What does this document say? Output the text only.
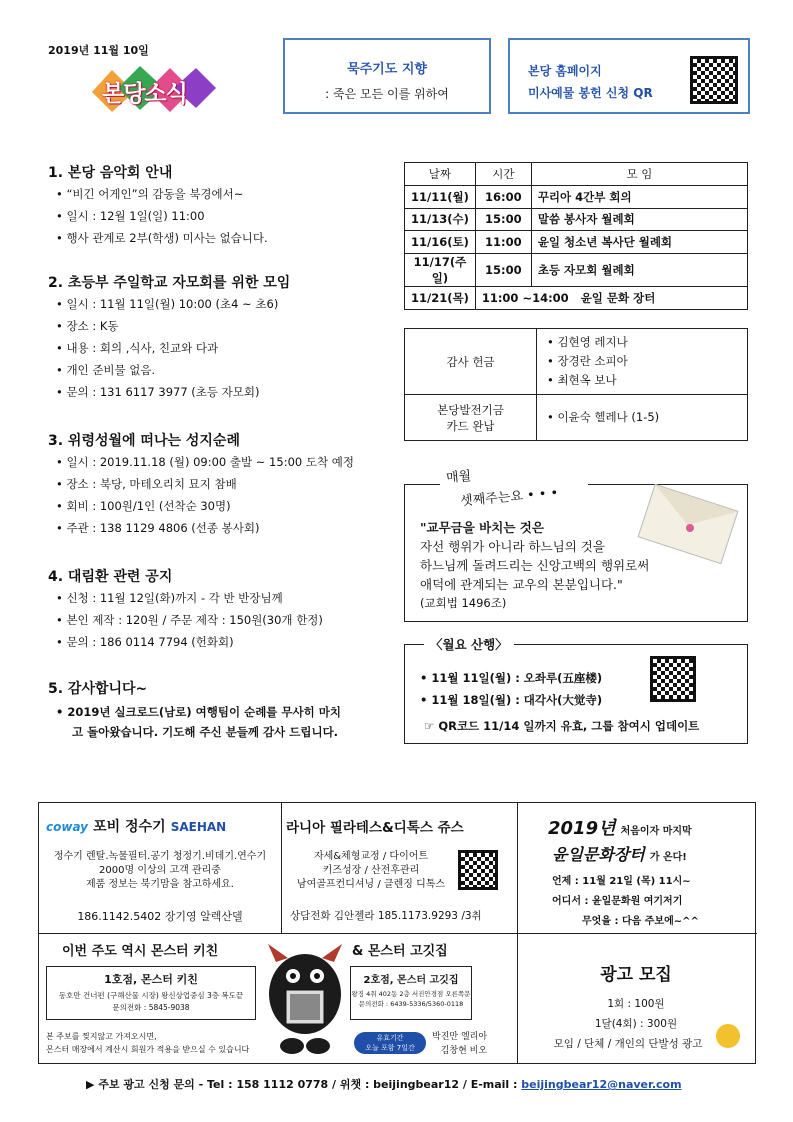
2019년 11월 10일
본당소식
묵주기도 지향
: 죽은 모든 이를 위하여
본당 홈페이지
미사예물 봉헌 신청 QR
1. 본당 음악회 안내
• “비긴 어게인”의 감동을 북경에서~
• 일시 : 12월 1일(일) 11:00
• 행사 관계로 2부(학생) 미사는 없습니다.
2. 초등부 주일학교 자모회를 위한 모임
• 일시 : 11월 11일(월) 10:00 (초4 ~ 초6)
• 장소 : K동
• 내용 : 회의 ,식사, 친교와 다과
• 개인 준비물 없음.
• 문의 : 131 6117 3977 (초등 자모회)
3. 위령성월에 떠나는 성지순례
• 일시 : 2019.11.18 (월) 09:00 출발 ~ 15:00 도착 예정
• 장소 : 북당, 마테오리치 묘지 참배
• 회비 : 100원/1인 (선착순 30명)
• 주관 : 138 1129 4806 (선종 봉사회)
4. 대림환 관련 공지
• 신청 : 11월 12일(화)까지 - 각 반 반장님께
• 본인 제작 : 120원 / 주문 제작 : 150원(30개 한정)
• 문의 : 186 0114 7794 (헌화회)
5. 감사합니다~
• 2019년 실크로드(남로) 여행팀이 순례를 무사히 마치
고 돌아왔습니다. 기도해 주신 분들께 감사 드립니다.
날짜	시간	모 임
11/11(월)	16:00	꾸리아 4간부 회의
11/13(수)	15:00	말씀 봉사자 월례회
11/16(토)	11:00	윤일 청소년 복사단 월례회
11/17(주일)	15:00	초등 자모회 월례회
11/21(목)	11:00 ~14:00 윤일 문화 장터	
감사 헌금	• 김현영 레지나
• 장경란 소피아
• 최현옥 보나

본당발전기금
카드 완납	• 이윤숙 헬레나 (1-5)
매월
셋째주는요 • • •
"교무금을 바치는 것은
자선 행위가 아니라 하느님의 것을
하느님께 돌려드리는 신앙고백의 행위로써
애덕에 관계되는 교우의 본분입니다."
(교회법 1496조)
〈월요 산행〉
• 11월 11일(월) : 오좌루(五座楼)
• 11월 18일(월) : 대각사(大觉寺)
☞ QR코드 11/14 일까지 유효, 그룹 참여시 업데이트
coway 포비 정수기 SAEHAN
정수기 렌탈.녹물필터.공기 청정기.비데기.연수기
2000명 이상의 고객 관리중
제품 정보는 북기맘을 참고하세요.
186.1142.5402 장기영 알렉산델
라니아 필라테스&디톡스 쥬스
자세&체형교정 / 다이어트
키즈성장 / 산전후관리
남여골프컨디셔닝 / 클렌징 디톡스
상담전화 김안젤라 185.1173.9293 /3취
2019년 처음이자 마지막
윤일문화장터 가 온다!
언제 : 11월 21일 (목) 11시~
어디서 : 윤일문화원 여기저기
무엇을 : 다음 주보에~^^
이번 주도 역시 몬스터 키친	& 몬스터 고깃집
1호점, 몬스터 키친
동호만 건너편 (구해산물 시장) 왕신상업중심 3층 복도끝
문의전화 : 5845-9038
2호점, 몬스터 고깃집
왕징 4취 402동 2층 서진안경점 오른쪽문
문의전화 : 6439-5336/5360-0118
본 주보를 찢지않고 가져오시면,
몬스터 매장에서 계산시 회원가 적용을 받으실 수 있습니다
유효기간
오늘 포함 7일간
박진만 엘리아
김창현 비오
광고 모집
1회 : 100원
1달(4회) : 300원
모임 / 단체 / 개인의 단발성 광고
▶ 주보 광고 신청 문의 - Tel : 158 1112 0778 / 위챗 : beijingbear12 / E-mail : beijingbear12@naver.com
